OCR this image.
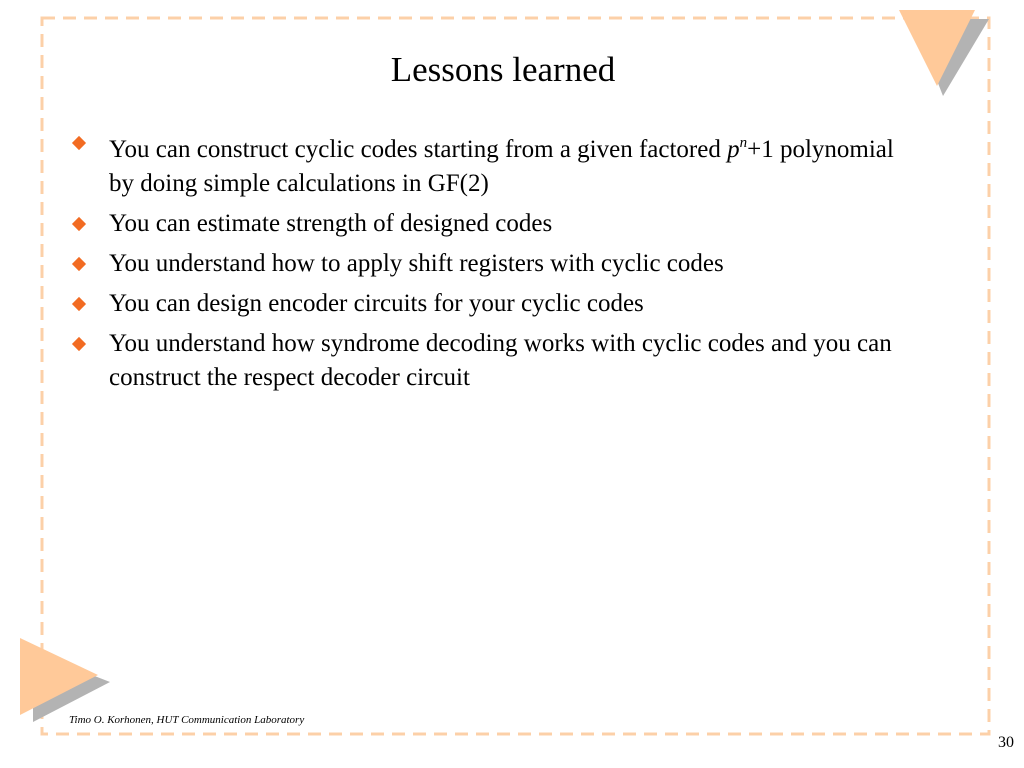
Lessons learned
You can construct cyclic codes starting from a given factored $p^n+1$ polynomial by doing simple calculations in GF(2)
You can estimate strength of designed codes
You understand how to apply shift registers with cyclic codes
You can design encoder circuits for your cyclic codes
You understand how syndrome decoding works with cyclic codes and you can construct the respect decoder circuit
Timo O. Korhonen, HUT Communication Laboratory
30
